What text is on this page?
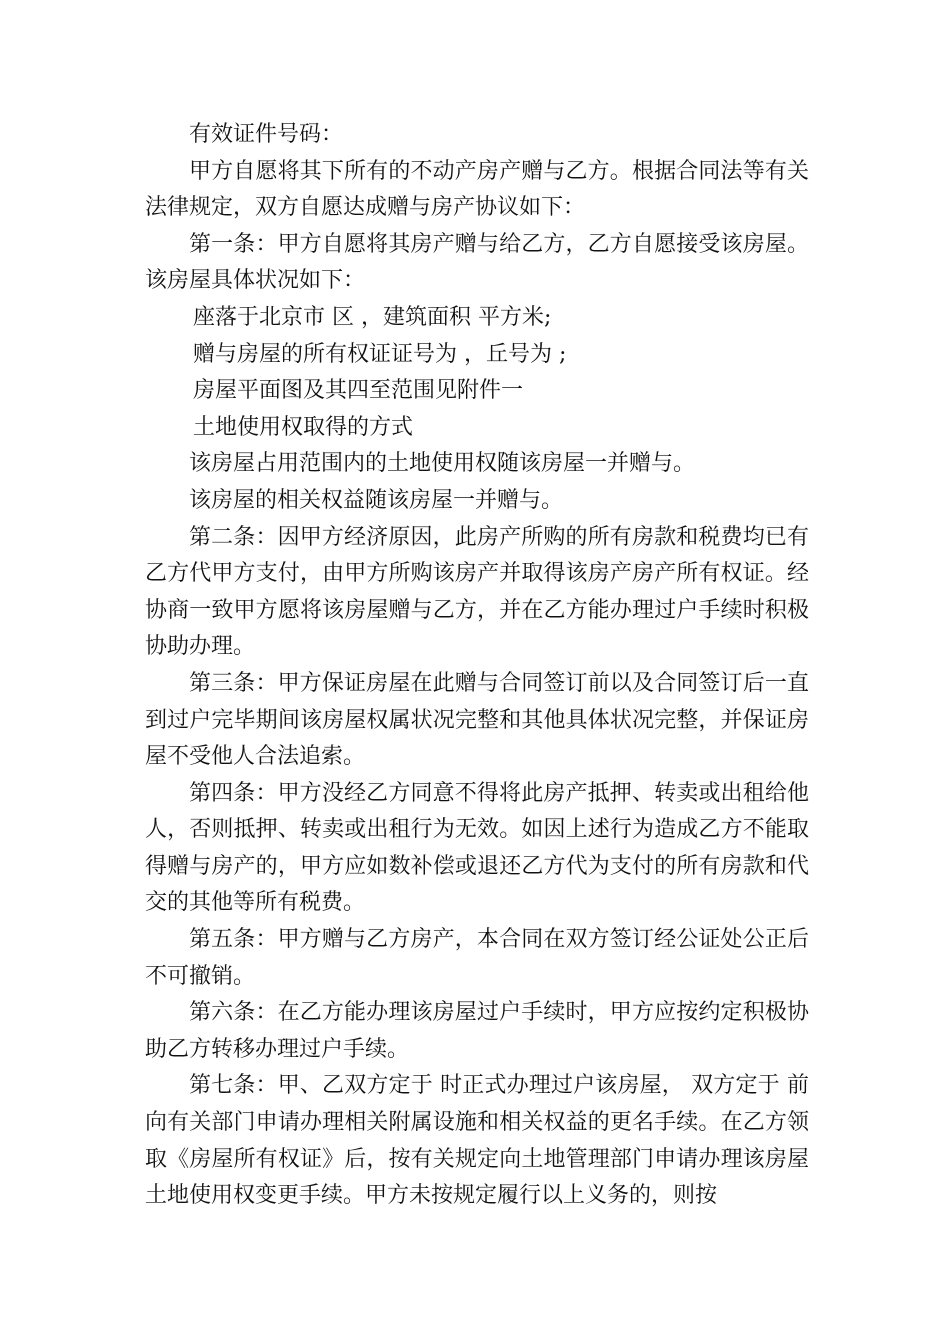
有效证件号码：

甲方自愿将其下所有的不动产房产赠与乙方。根据合同法等有关法律规定，双方自愿达成赠与房产协议如下：

第一条：甲方自愿将其房产赠与给乙方，乙方自愿接受该房屋。该房屋具体状况如下：

座落于北京市 区 ，建筑面积 平方米;

赠与房屋的所有权证证号为 ，丘号为 ;

房屋平面图及其四至范围见附件一

土地使用权取得的方式

该房屋占用范围内的土地使用权随该房屋一并赠与。

该房屋的相关权益随该房屋一并赠与。

第二条：因甲方经济原因，此房产所购的所有房款和税费均已有乙方代甲方支付，由甲方所购该房产并取得该房产房产所有权证。经协商一致甲方愿将该房屋赠与乙方，并在乙方能办理过户手续时积极协助办理。

第三条：甲方保证房屋在此赠与合同签订前以及合同签订后一直到过户完毕期间该房屋权属状况完整和其他具体状况完整，并保证房屋不受他人合法追索。

第四条：甲方没经乙方同意不得将此房产抵押、转卖或出租给他人，否则抵押、转卖或出租行为无效。如因上述行为造成乙方不能取得赠与房产的，甲方应如数补偿或退还乙方代为支付的所有房款和代交的其他等所有税费。

第五条：甲方赠与乙方房产，本合同在双方签订经公证处公正后不可撤销。

第六条：在乙方能办理该房屋过户手续时，甲方应按约定积极协助乙方转移办理过户手续。

第七条：甲、乙双方定于 时正式办理过户该房屋， 双方定于 前向有关部门申请办理相关附属设施和相关权益的更名手续。在乙方领取《房屋所有权证》后，按有关规定向土地管理部门申请办理该房屋土地使用权变更手续。甲方未按规定履行以上义务的，则按
